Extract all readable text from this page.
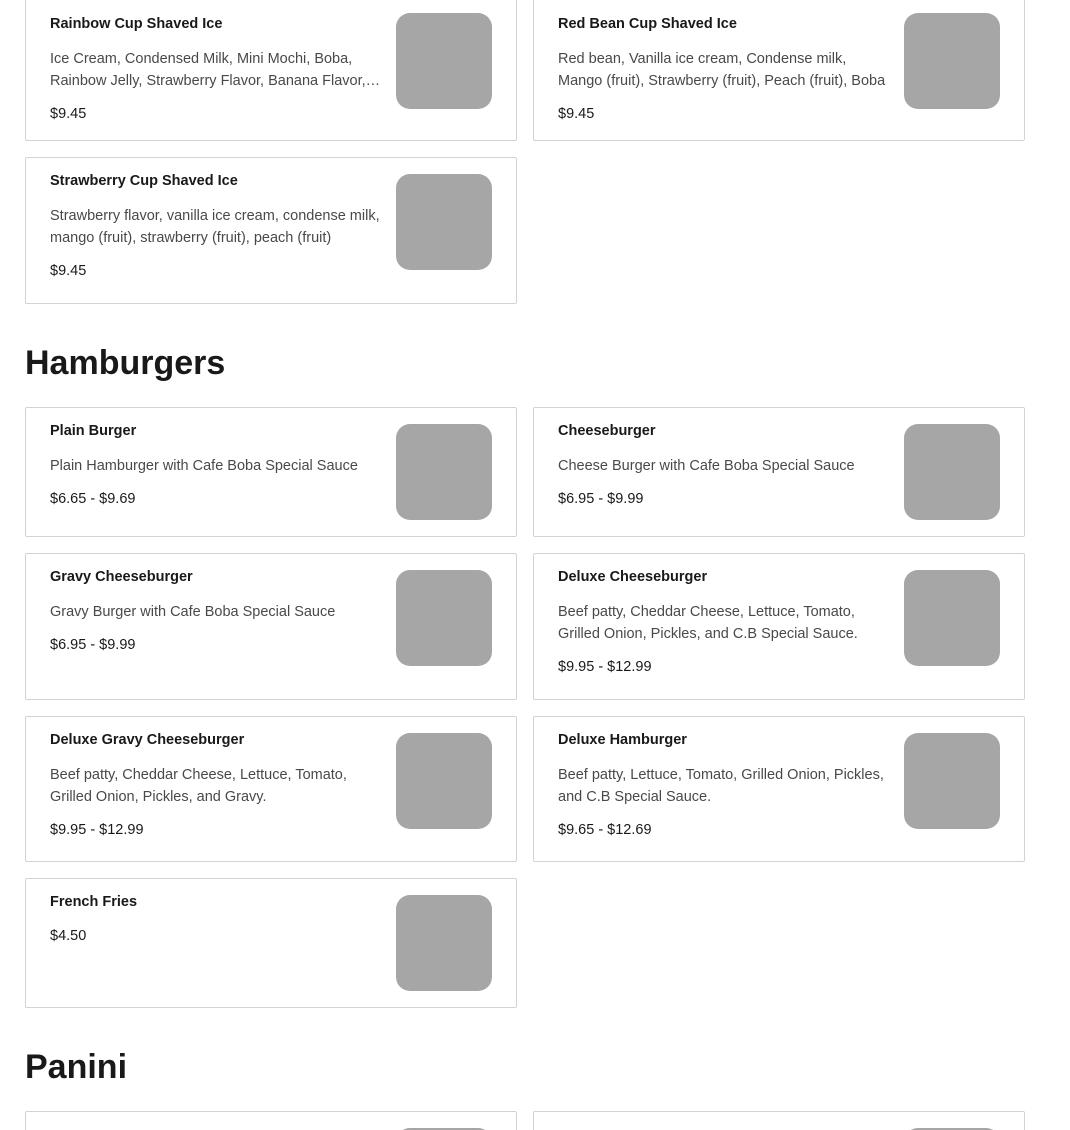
Rainbow Cup Shaved Ice
Ice Cream, Condensed Milk, Mini Mochi, Boba, Rainbow Jelly, Strawberry Flavor, Banana Flavor,
$9.45
Red Bean Cup Shaved Ice
Red bean, Vanilla ice cream, Condense milk, Mango (fruit), Strawberry (fruit), Peach (fruit), Boba
$9.45
Strawberry Cup Shaved Ice
Strawberry flavor, vanilla ice cream, condense milk, mango (fruit), strawberry (fruit), peach (fruit)
$9.45
Hamburgers
Plain Burger
Plain Hamburger with Cafe Boba Special Sauce
$6.65 - $9.69
Cheeseburger
Cheese Burger with Cafe Boba Special Sauce
$6.95 - $9.99
Gravy Cheeseburger
Gravy Burger with Cafe Boba Special Sauce
$6.95 - $9.99
Deluxe Cheeseburger
Beef patty, Cheddar Cheese, Lettuce, Tomato, Grilled Onion, Pickles, and C.B Special Sauce.
$9.95 - $12.99
Deluxe Gravy Cheeseburger
Beef patty, Cheddar Cheese, Lettuce, Tomato, Grilled Onion, Pickles, and Gravy.
$9.95 - $12.99
Deluxe Hamburger
Beef patty, Lettuce, Tomato, Grilled Onion, Pickles, and C.B Special Sauce.
$9.65 - $12.69
French Fries
$4.50
Panini
